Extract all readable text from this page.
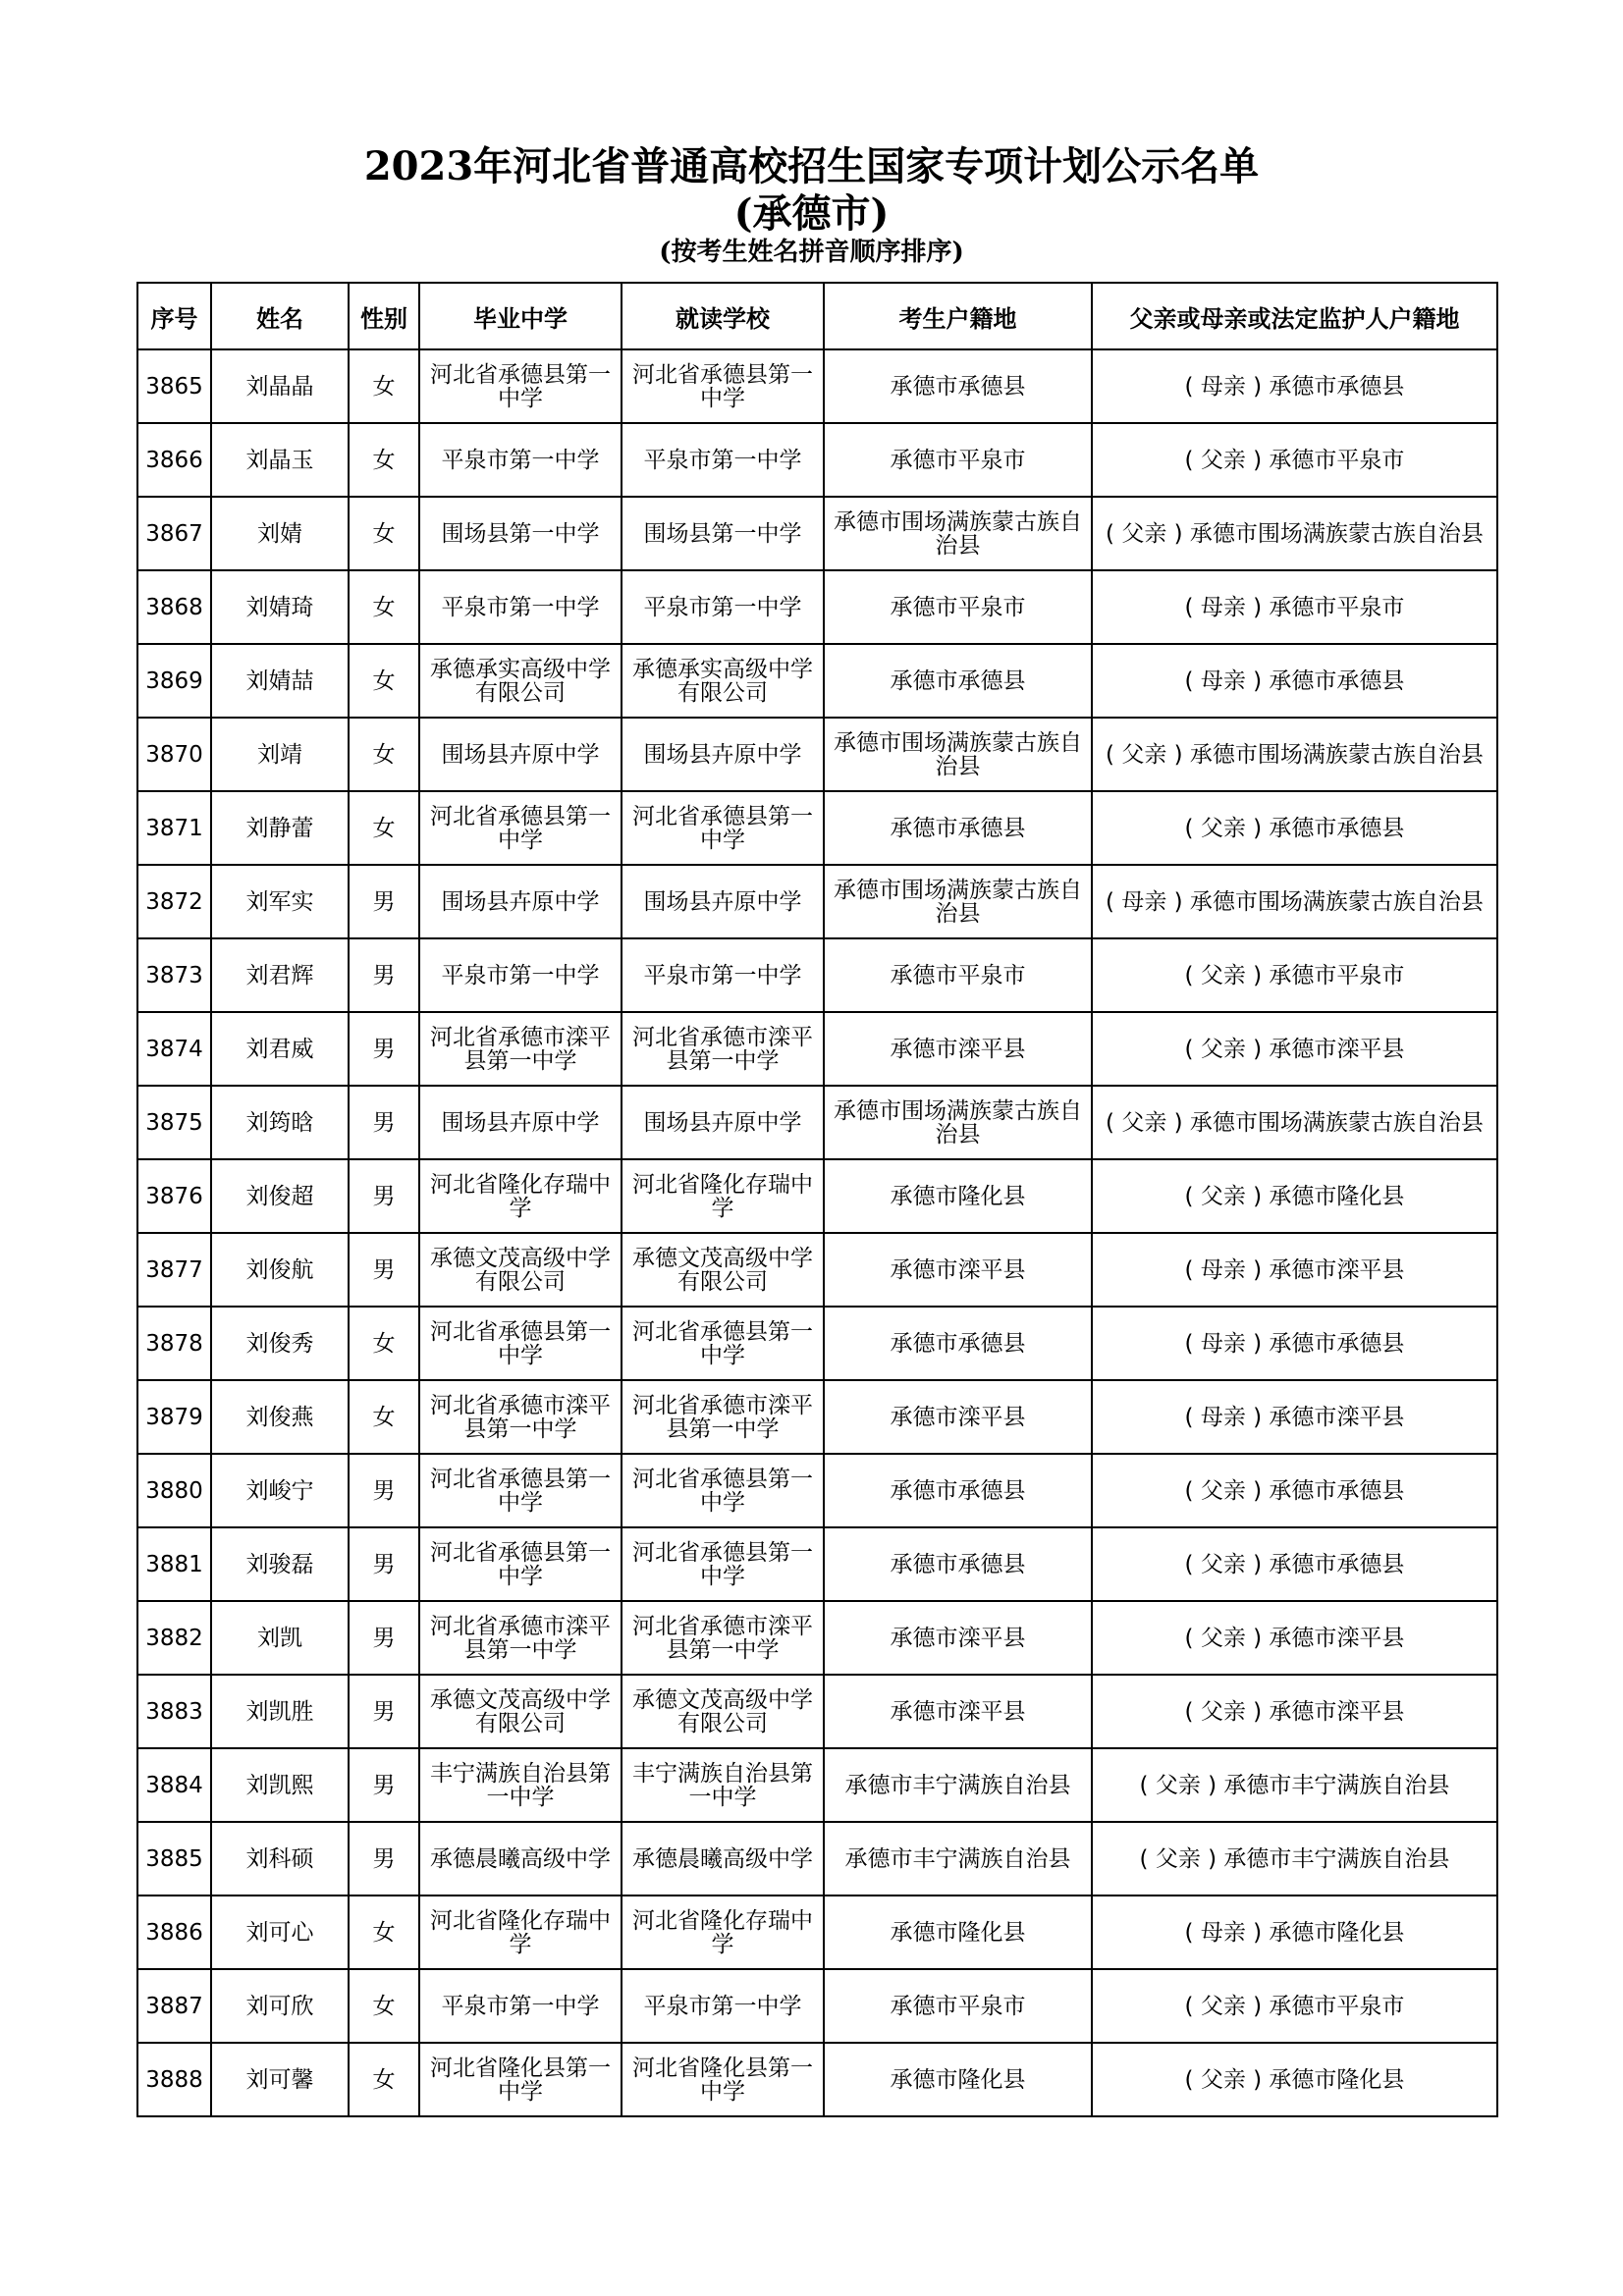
2023年河北省普通高校招生国家专项计划公示名单
(承德市)
(按考生姓名拼音顺序排序)
序号	姓名	性别	毕业中学	就读学校	考生户籍地	父亲或母亲或法定监护人户籍地
3865	刘晶晶	女	河北省承德县第一中学	河北省承德县第一中学	承德市承德县	( 母亲 ) 承德市承德县
3866	刘晶玉	女	平泉市第一中学	平泉市第一中学	承德市平泉市	( 父亲 ) 承德市平泉市
3867	刘婧	女	围场县第一中学	围场县第一中学	承德市围场满族蒙古族自治县	( 父亲 ) 承德市围场满族蒙古族自治县
3868	刘婧琦	女	平泉市第一中学	平泉市第一中学	承德市平泉市	( 母亲 ) 承德市平泉市
3869	刘婧喆	女	承德承实高级中学有限公司	承德承实高级中学有限公司	承德市承德县	( 母亲 ) 承德市承德县
3870	刘靖	女	围场县卉原中学	围场县卉原中学	承德市围场满族蒙古族自治县	( 父亲 ) 承德市围场满族蒙古族自治县
3871	刘静蕾	女	河北省承德县第一中学	河北省承德县第一中学	承德市承德县	( 父亲 ) 承德市承德县
3872	刘军实	男	围场县卉原中学	围场县卉原中学	承德市围场满族蒙古族自治县	( 母亲 ) 承德市围场满族蒙古族自治县
3873	刘君辉	男	平泉市第一中学	平泉市第一中学	承德市平泉市	( 父亲 ) 承德市平泉市
3874	刘君威	男	河北省承德市滦平县第一中学	河北省承德市滦平县第一中学	承德市滦平县	( 父亲 ) 承德市滦平县
3875	刘筠晗	男	围场县卉原中学	围场县卉原中学	承德市围场满族蒙古族自治县	( 父亲 ) 承德市围场满族蒙古族自治县
3876	刘俊超	男	河北省隆化存瑞中学	河北省隆化存瑞中学	承德市隆化县	( 父亲 ) 承德市隆化县
3877	刘俊航	男	承德文茂高级中学有限公司	承德文茂高级中学有限公司	承德市滦平县	( 母亲 ) 承德市滦平县
3878	刘俊秀	女	河北省承德县第一中学	河北省承德县第一中学	承德市承德县	( 母亲 ) 承德市承德县
3879	刘俊燕	女	河北省承德市滦平县第一中学	河北省承德市滦平县第一中学	承德市滦平县	( 母亲 ) 承德市滦平县
3880	刘峻宁	男	河北省承德县第一中学	河北省承德县第一中学	承德市承德县	( 父亲 ) 承德市承德县
3881	刘骏磊	男	河北省承德县第一中学	河北省承德县第一中学	承德市承德县	( 父亲 ) 承德市承德县
3882	刘凯	男	河北省承德市滦平县第一中学	河北省承德市滦平县第一中学	承德市滦平县	( 父亲 ) 承德市滦平县
3883	刘凯胜	男	承德文茂高级中学有限公司	承德文茂高级中学有限公司	承德市滦平县	( 父亲 ) 承德市滦平县
3884	刘凯熙	男	丰宁满族自治县第一中学	丰宁满族自治县第一中学	承德市丰宁满族自治县	( 父亲 ) 承德市丰宁满族自治县
3885	刘科硕	男	承德晨曦高级中学	承德晨曦高级中学	承德市丰宁满族自治县	( 父亲 ) 承德市丰宁满族自治县
3886	刘可心	女	河北省隆化存瑞中学	河北省隆化存瑞中学	承德市隆化县	( 母亲 ) 承德市隆化县
3887	刘可欣	女	平泉市第一中学	平泉市第一中学	承德市平泉市	( 父亲 ) 承德市平泉市
3888	刘可馨	女	河北省隆化县第一中学	河北省隆化县第一中学	承德市隆化县	( 父亲 ) 承德市隆化县
